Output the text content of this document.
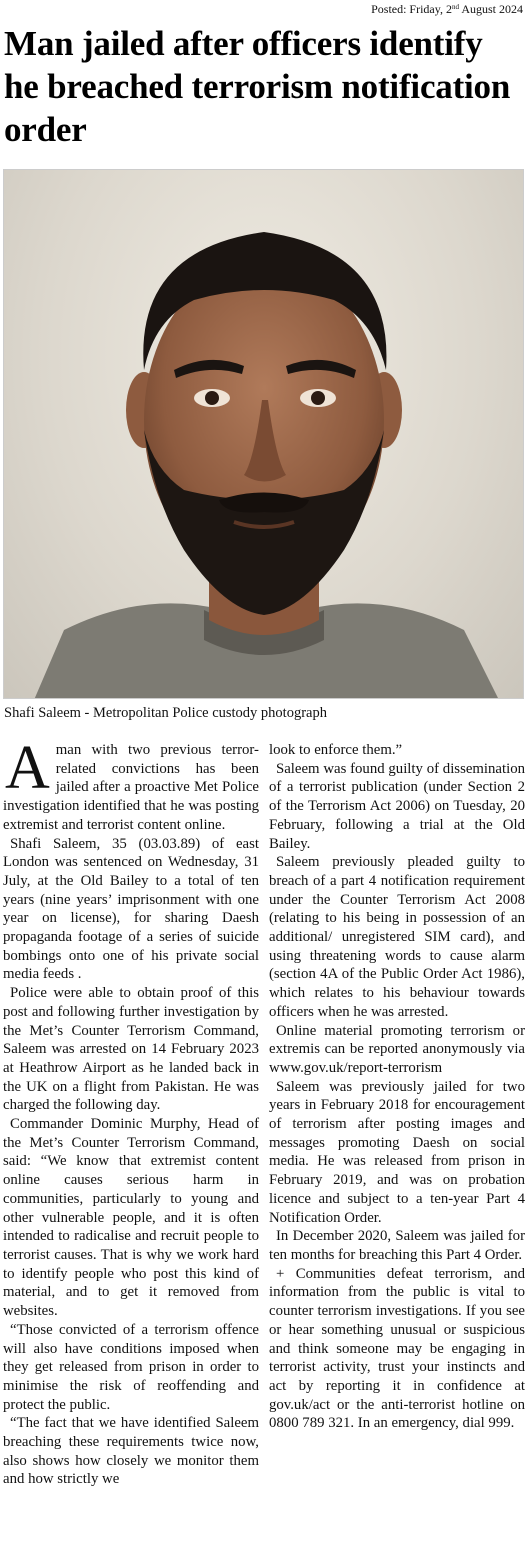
Posted: Friday, 2nd August 2024
Man jailed after officers identify he breached terrorism notification order
Shafi Saleem - Metropolitan Police custody photograph

Aman with two previous terror-related convictions has been jailed after a proactive Met Police investigation identified that he was posting extremist and terrorist content online.

Shafi Saleem, 35 (03.03.89) of east London was sentenced on Wednesday, 31 July, at the Old Bailey to a total of ten years (nine years’ imprisonment with one year on license), for sharing Daesh propaganda footage of a series of suicide bombings onto one of his private social media feeds .

Police were able to obtain proof of this post and following further investigation by the Met’s Counter Terrorism Command, Saleem was arrested on 14 February 2023 at Heathrow Airport as he landed back in the UK on a flight from Pakistan. He was charged the following day.

Commander Dominic Murphy, Head of the Met’s Counter Terrorism Command, said: “We know that extremist content online causes serious harm in communities, particularly to young and other vulnerable people, and it is often intended to radicalise and recruit people to terrorist causes. That is why we work hard to identify people who post this kind of material, and to get it removed from websites.

“Those convicted of a terrorism offence will also have conditions imposed when they get released from prison in order to minimise the risk of reoffending and protect the public.

“The fact that we have identified Saleem breaching these requirements twice now, also shows how closely we monitor them and how strictly we

look to enforce them.”

Saleem was found guilty of dissemination of a terrorist publication (under Section 2 of the Terrorism Act 2006) on Tuesday, 20 February, following a trial at the Old Bailey.

Saleem previously pleaded guilty to breach of a part 4 notification requirement under the Counter Terrorism Act 2008 (relating to his being in possession of an additional/ unregistered SIM card), and using threatening words to cause alarm (section 4A of the Public Order Act 1986), which relates to his behaviour towards officers when he was arrested.

Online material promoting terrorism or extremis can be reported anonymously via www.gov.uk/report-terrorism

Saleem was previously jailed for two years in February 2018 for encouragement of terrorism after posting images and messages promoting Daesh on social media. He was released from prison in February 2019, and was on probation licence and subject to a ten-year Part 4 Notification Order.

In December 2020, Saleem was jailed for ten months for breaching this Part 4 Order.

+ Communities defeat terrorism, and information from the public is vital to counter terrorism investigations. If you see or hear something unusual or suspicious and think someone may be engaging in terrorist activity, trust your instincts and act by reporting it in confidence at gov.uk/act or the anti-terrorist hotline on 0800 789 321. In an emergency, dial 999.
